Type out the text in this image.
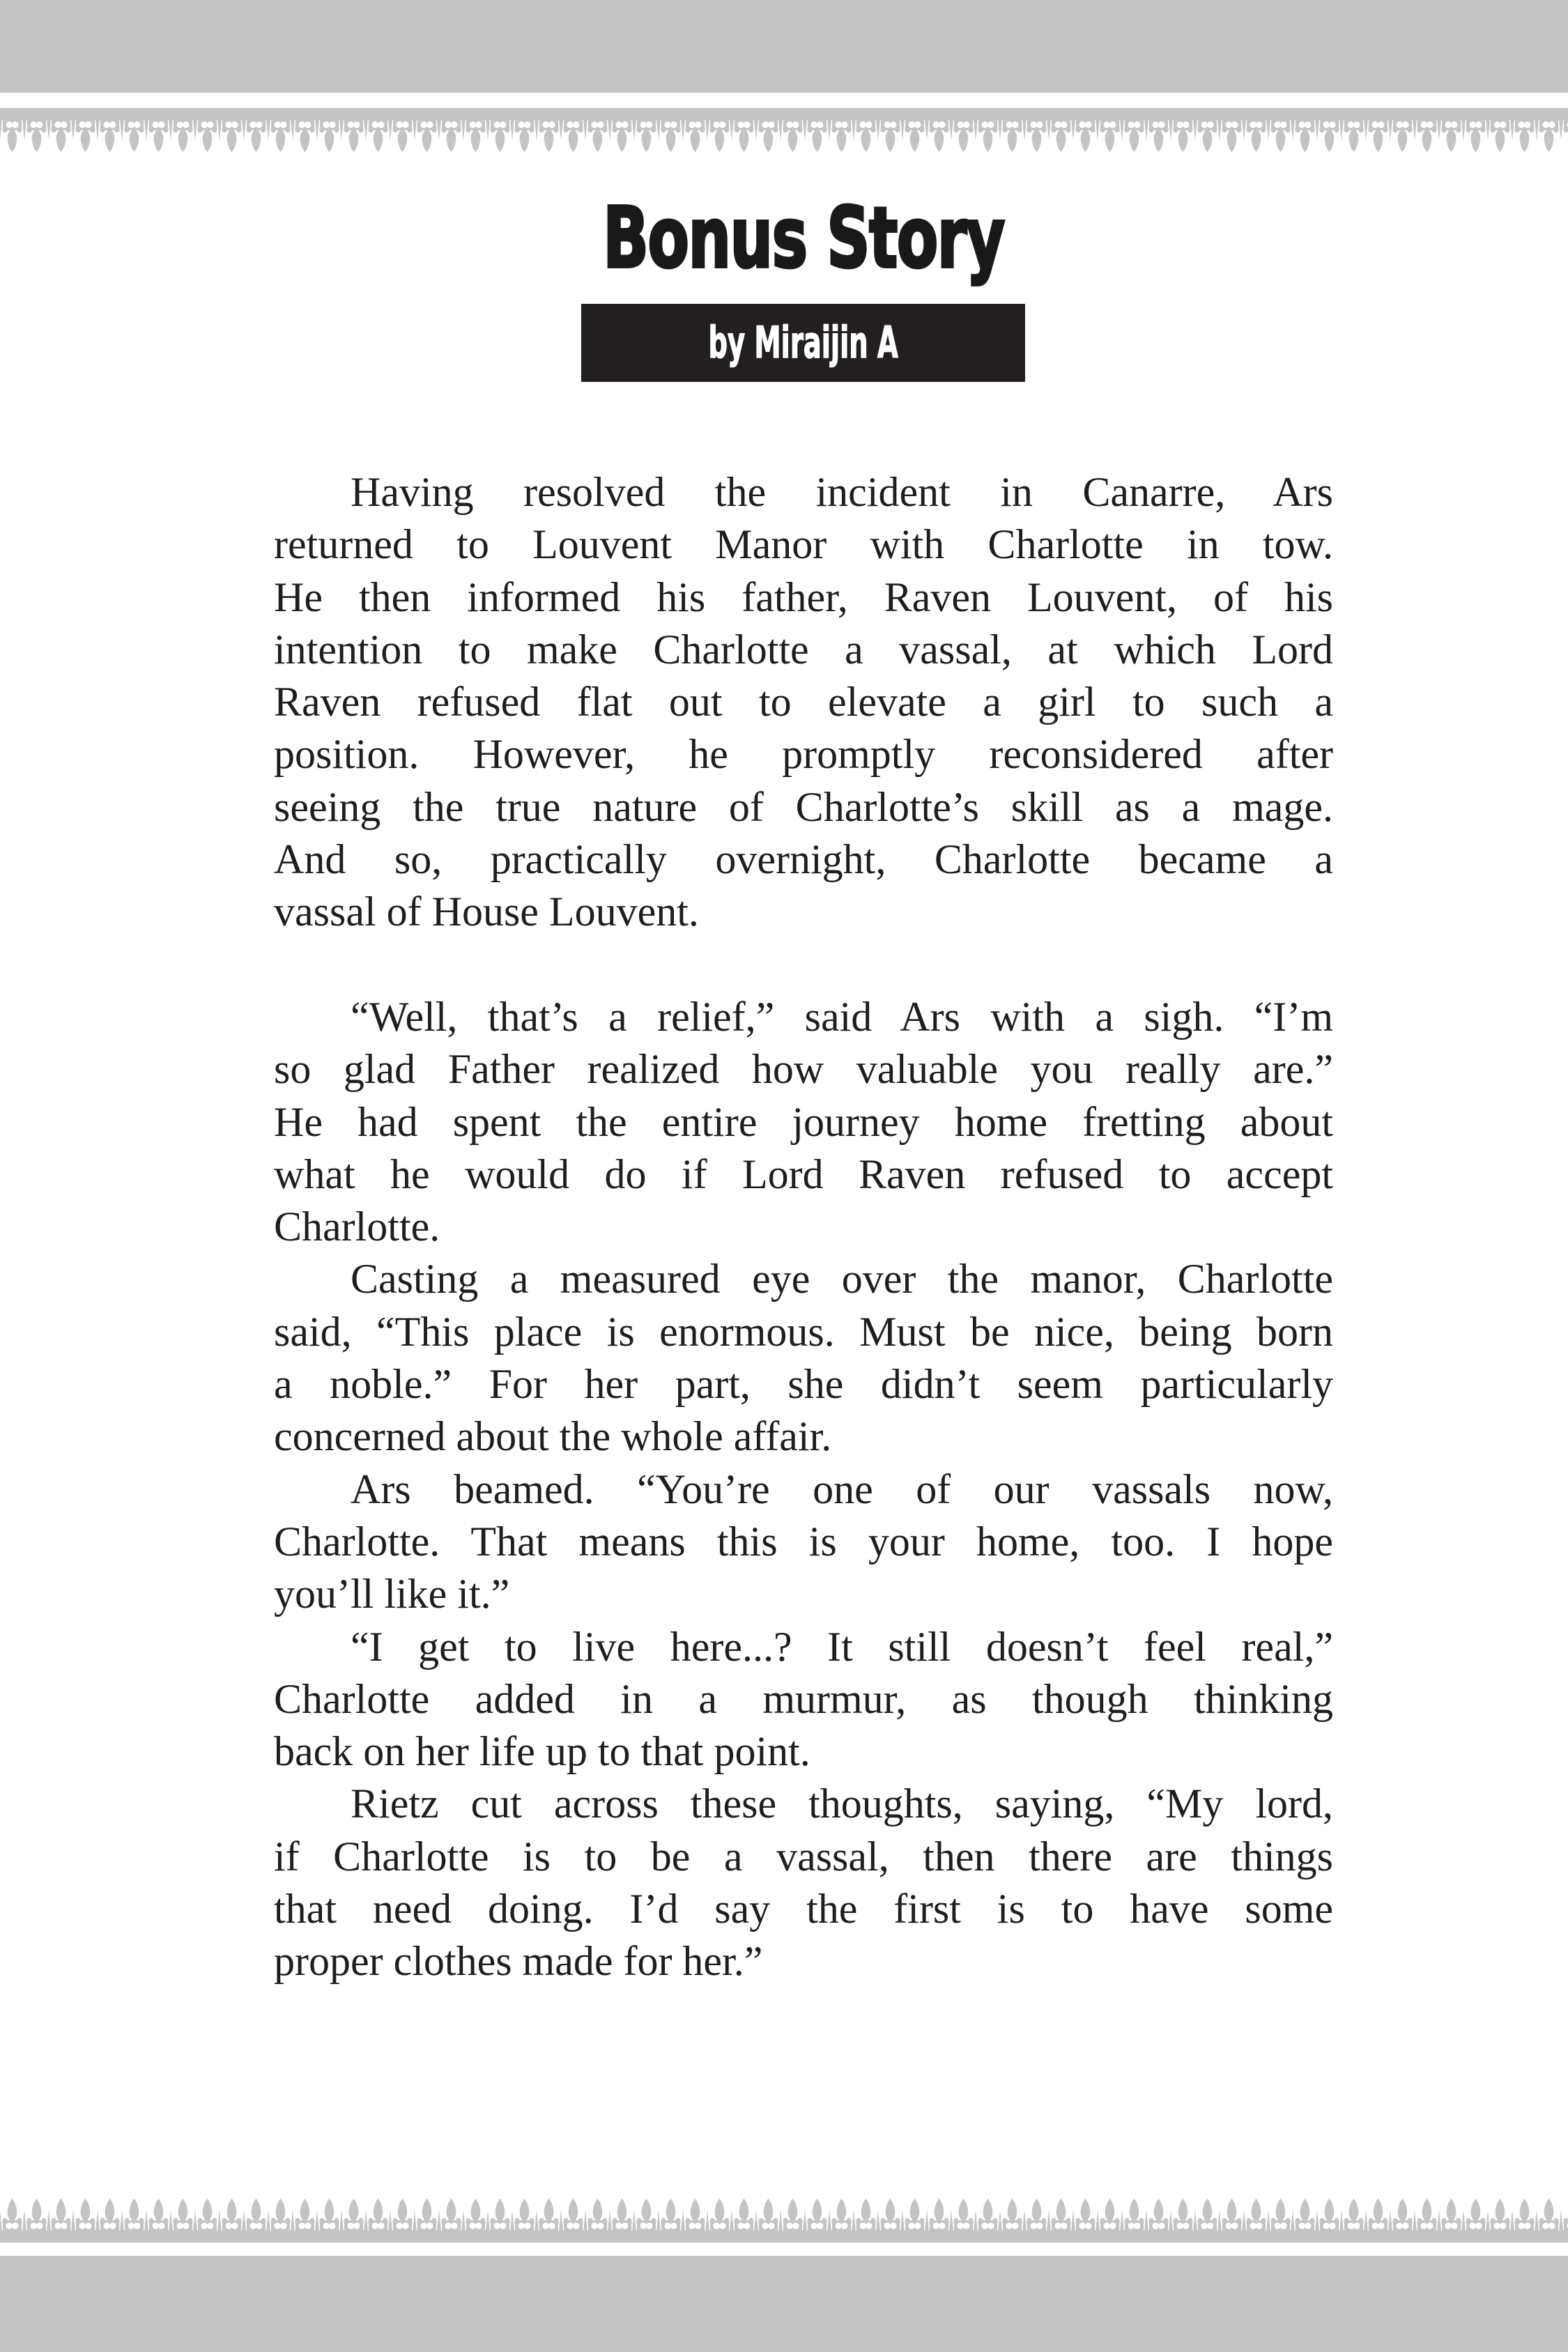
Bonus Story
by Miraijin A
Having resolved the incident in Canarre, Ars
returned to Louvent Manor with Charlotte in tow.
He then informed his father, Raven Louvent, of his
intention to make Charlotte a vassal, at which Lord
Raven refused flat out to elevate a girl to such a
position. However, he promptly reconsidered after
seeing the true nature of Charlotte’s skill as a mage.
And so, practically overnight, Charlotte became a
vassal of House Louvent.
“Well, that’s a relief,” said Ars with a sigh. “I’m
so glad Father realized how valuable you really are.”
He had spent the entire journey home fretting about
what he would do if Lord Raven refused to accept
Charlotte.
Casting a measured eye over the manor, Charlotte
said, “This place is enormous. Must be nice, being born
a noble.” For her part, she didn’t seem particularly
concerned about the whole affair.
Ars beamed. “You’re one of our vassals now,
Charlotte. That means this is your home, too. I hope
you’ll like it.”
“I get to live here...? It still doesn’t feel real,”
Charlotte added in a murmur, as though thinking
back on her life up to that point.
Rietz cut across these thoughts, saying, “My lord,
if Charlotte is to be a vassal, then there are things
that need doing. I’d say the first is to have some
proper clothes made for her.”
